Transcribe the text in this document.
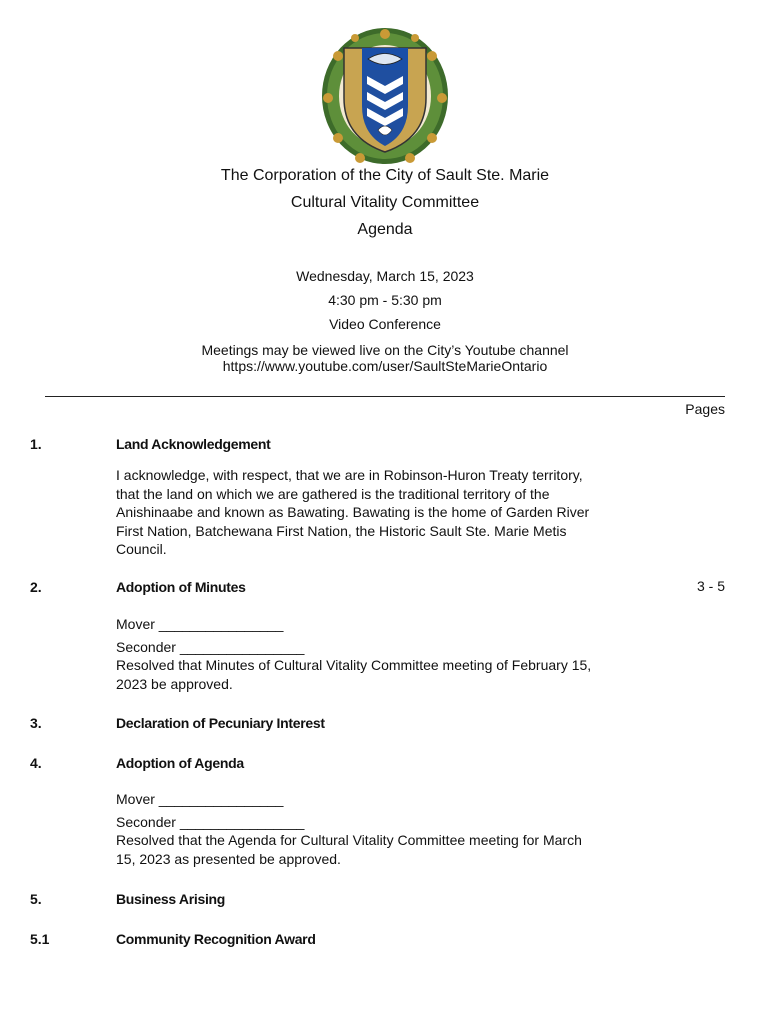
The Corporation of the City of Sault Ste. Marie
Cultural Vitality Committee
Agenda
Wednesday, March 15, 2023
4:30 pm - 5:30 pm
Video Conference
Meetings may be viewed live on the City’s Youtube channel
https://www.youtube.com/user/SaultSteMarieOntario
Pages
1.	Land Acknowledgement
I acknowledge, with respect, that we are in Robinson-Huron Treaty territory,
that the land on which we are gathered is the traditional territory of the
Anishinaabe and known as Bawating. Bawating is the home of Garden River
First Nation, Batchewana First Nation, the Historic Sault Ste. Marie Metis
Council.
2.	Adoption of Minutes	3 - 5
Mover ________________
Seconder ________________
Resolved that Minutes of Cultural Vitality Committee meeting of February 15,
2023 be approved.
3.	Declaration of Pecuniary Interest
4.	Adoption of Agenda
Mover ________________
Seconder ________________
Resolved that the Agenda for Cultural Vitality Committee meeting for March
15, 2023 as presented be approved.
5.	Business Arising
5.1	Community Recognition Award
